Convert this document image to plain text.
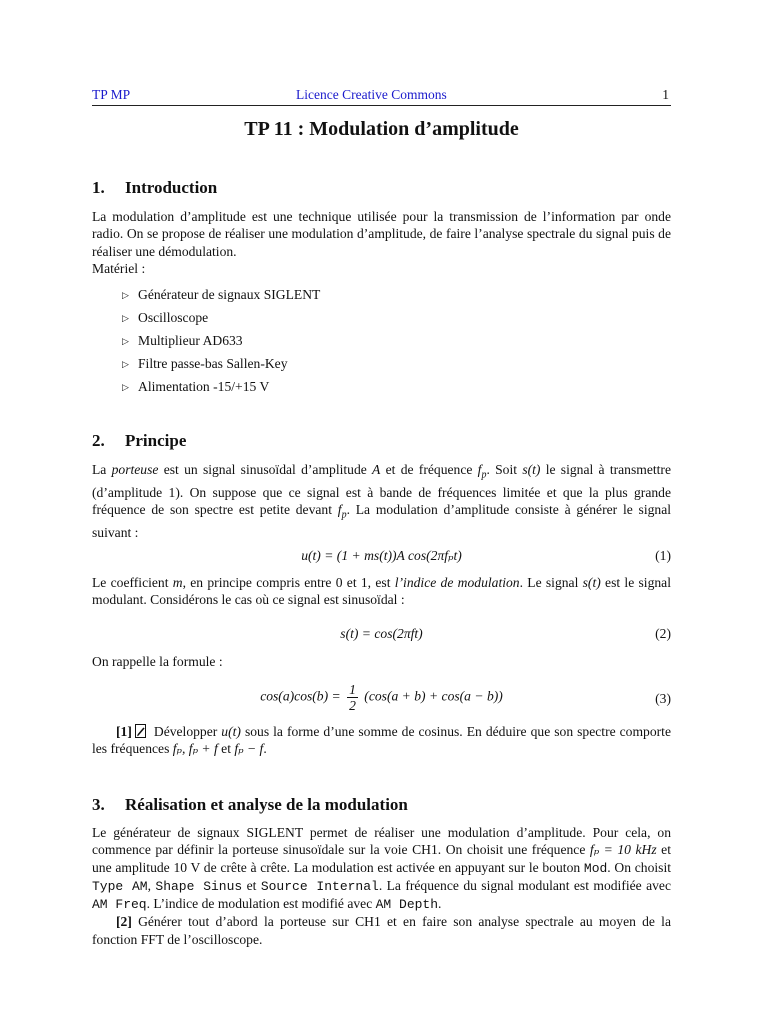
TP MP	Licence Creative Commons	1
TP 11 : Modulation d’amplitude
1. Introduction

La modulation d’amplitude est une technique utilisée pour la transmission de l’information par onde radio. On se propose de réaliser une modulation d’amplitude, de faire l’analyse spectrale du signal puis de réaliser une démodulation.

Matériel :

▷ Générateur de signaux SIGLENT
▷ Oscilloscope
▷ Multiplieur AD633
▷ Filtre passe-bas Sallen-Key
▷ Alimentation -15/+15 V
2. Principe

La porteuse est un signal sinusoïdal d’amplitude A et de fréquence $f_p$. Soit s(t) le signal à transmettre (d’amplitude 1). On suppose que ce signal est à bande de fréquences limitée et que la plus grande fréquence de son spectre est petite devant $f_p$. La modulation d’amplitude consiste à générer le signal suivant :

u(t) = (1 + ms(t))A cos(2πfₚt)	(1)

Le coefficient m, en principe compris entre 0 et 1, est l’indice de modulation. Le signal s(t) est le signal modulant. Considérons le cas où ce signal est sinusoïdal :

s(t) = cos(2πft)	(2)

On rappelle la formule :

$\cos(a)\cos(b) = \frac{1}{2} (\cos(a + b) + \cos(a - b))$	(3)

[1] Développer u(t) sous la forme d’une somme de cosinus. En déduire que son spectre comporte les fréquences fₚ, fₚ + f et fₚ − f.

3. Réalisation et analyse de la modulation

Le générateur de signaux SIGLENT permet de réaliser une modulation d’amplitude. Pour cela, on commence par définir la porteuse sinusoïdale sur la voie CH1. On choisit une fréquence fₚ = 10 kHz et une amplitude 10 V de crête à crête. La modulation est activée en appuyant sur le bouton Mod. On choisit Type AM, Shape Sinus et Source Internal. La fréquence du signal modulant est modifiée avec AM Freq. L’indice de modulation est modifié avec AM Depth.

[2] Générer tout d’abord la porteuse sur CH1 et en faire son analyse spectrale au moyen de la fonction FFT de l’oscilloscope.
